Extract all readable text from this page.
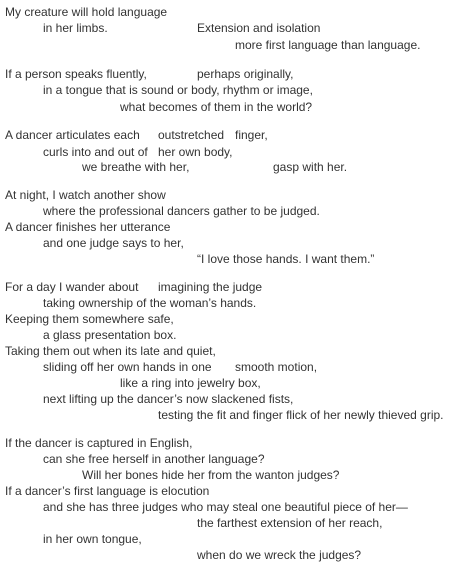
My creature will hold language
in her limbs.	Extension and isolation
more first language than language.
If a person speaks fluently,	perhaps originally,
in a tongue that is sound or body, rhythm or image,
what becomes of them in the world?
A dancer articulates each outstretched finger,
curls into and out of her own body,
we breathe with her,	gasp with her.
At night, I watch another show
where the professional dancers gather to be judged.
A dancer finishes her utterance
and one judge says to her,
“I love those hands. I want them.”
For a day I wander about imagining the judge
taking ownership of the woman’s hands.
Keeping them somewhere safe,
a glass presentation box.
Taking them out when its late and quiet,
sliding off her own hands in one smooth motion,
like a ring into jewelry box,
next lifting up the dancer’s now slackened fists,
testing the fit and finger flick of her newly thieved grip.
If the dancer is captured in English,
can she free herself in another language?
Will her bones hide her from the wanton judges?
If a dancer’s first language is elocution
and she has three judges who may steal one beautiful piece of her—
the farthest extension of her reach,
in her own tongue,
when do we wreck the judges?
